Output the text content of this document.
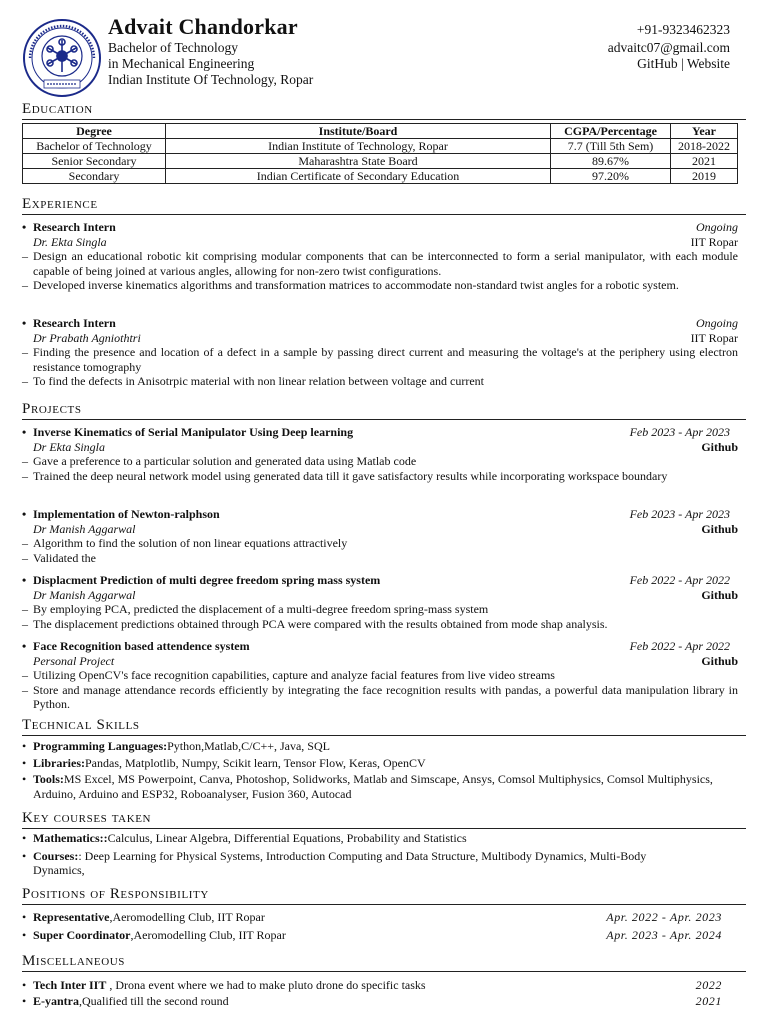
Advait Chandorkar
Bachelor of Technology
in Mechanical Engineering
Indian Institute Of Technology, Ropar
+91-9323462323
advaitc07@gmail.com
GitHub | Website
Education
Degree	Institute/Board	CGPA/Percentage	Year
Bachelor of Technology	Indian Institute of Technology, Ropar	7.7 (Till 5th Sem)	2018-2022
Senior Secondary	Maharashtra State Board	89.67%	2021
Secondary	Indian Certificate of Secondary Education	97.20%	2019
Experience
• Research Intern	Ongoing
Dr. Ekta Singla	IIT Ropar
– Design an educational robotic kit comprising modular components that can be interconnected to form a serial manipulator, with each module capable of being joined at various angles, allowing for non-zero twist configurations.
– Developed inverse kinematics algorithms and transformation matrices to accommodate non-standard twist angles for a robotic system.
• Research Intern	Ongoing
Dr Prabath Agniothtri	IIT Ropar
– Finding the presence and location of a defect in a sample by passing direct current and measuring the voltage's at the periphery using electron resistance tomography
– To find the defects in Anisotrpic material with non linear relation between voltage and current
Projects
• Inverse Kinematics of Serial Manipulator Using Deep learning	Feb 2023 - Apr 2023
Dr Ekta Singla	Github
– Gave a preference to a particular solution and generated data using Matlab code
– Trained the deep neural network model using generated data till it gave satisfactory results while incorporating workspace boundary
• Implementation of Newton-ralphson	Feb 2023 - Apr 2023
Dr Manish Aggarwal	Github
– Algorithm to find the solution of non linear equations attractively
– Validated the
• Displacment Prediction of multi degree freedom spring mass system	Feb 2022 - Apr 2022
Dr Manish Aggarwal	Github
– By employing PCA, predicted the displacement of a multi-degree freedom spring-mass system
– The displacement predictions obtained through PCA were compared with the results obtained from mode shap analysis.
• Face Recognition based attendence system	Feb 2022 - Apr 2022
Personal Project	Github
– Utilizing OpenCV's face recognition capabilities, capture and analyze facial features from live video streams
– Store and manage attendance records efficiently by integrating the face recognition results with pandas, a powerful data manipulation library in Python.
Technical Skills
• Programming Languages:Python,Matlab,C/C++, Java, SQL
• Libraries:Pandas, Matplotlib, Numpy, Scikit learn, Tensor Flow, Keras, OpenCV
• Tools:MS Excel, MS Powerpoint, Canva, Photoshop, Solidworks, Matlab and Simscape, Ansys, Comsol Multiphysics, Comsol Multiphysics, Arduino, Arduino and ESP32, Roboanalyser, Fusion 360, Autocad
Key courses taken
• Mathematics::Calculus, Linear Algebra, Differential Equations, Probability and Statistics
• Courses:: Deep Learning for Physical Systems, Introduction Computing and Data Structure, Multibody Dynamics, Multi-Body Dynamics,
Positions of Responsibility
• Representative,Aeromodelling Club, IIT Ropar	Apr. 2022 - Apr. 2023
• Super Coordinator,Aeromodelling Club, IIT Ropar	Apr. 2023 - Apr. 2024
Miscellaneous
• Tech Inter IIT , Drona event where we had to make pluto drone do specific tasks	2022
• E-yantra,Qualified till the second round	2021
